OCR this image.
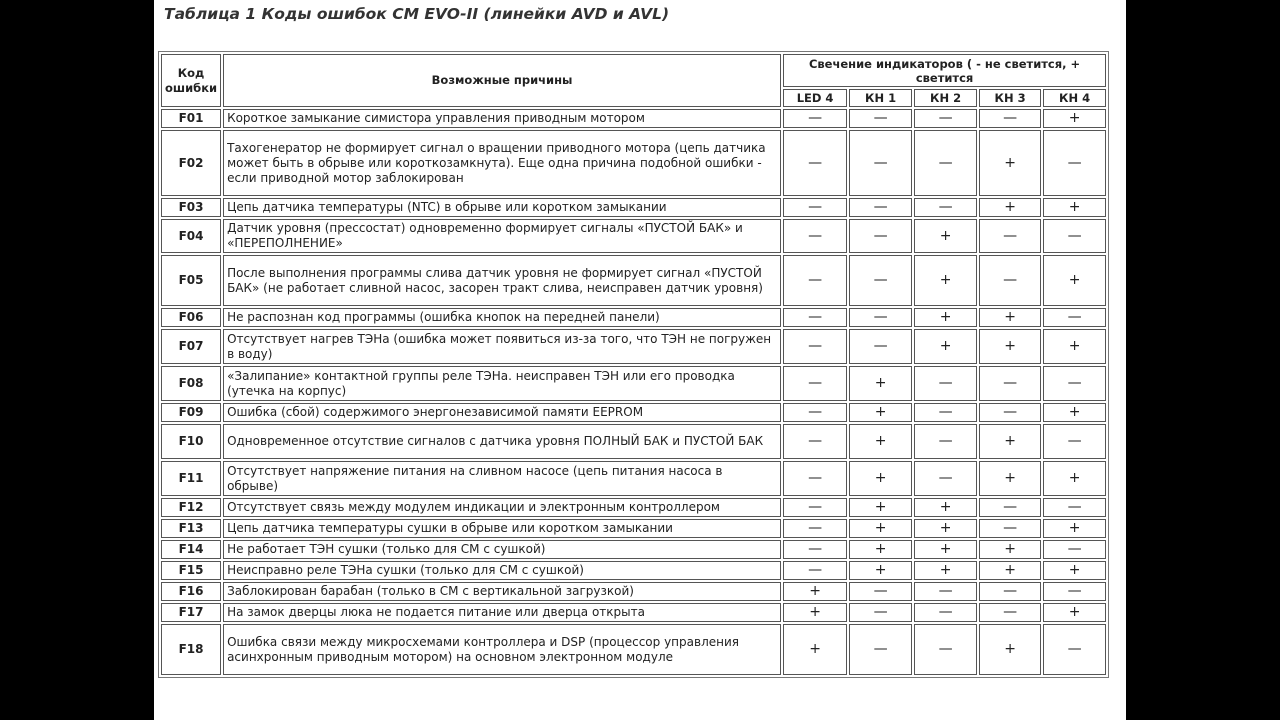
Таблица 1 Коды ошибок СМ EVO-II (линейки AVD и AVL)
Код ошибки	Возможные причины	Свечение индикаторов ( - не светится, + светится				
		LED 4	КН 1	КН 2	КН 3	КН 4
F01	Короткое замыкание симистора управления приводным мотором	—	—	—	—	+
F02	Тахогенератор не формирует сигнал о вращении приводного мотора (цепь датчика может быть в обрыве или короткозамкнута). Еще одна причина подобной ошибки - если приводной мотор заблокирован	—	—	—	+	—
F03	Цепь датчика температуры (NTC) в обрыве или коротком замыкании	—	—	—	+	+
F04	Датчик уровня (прессостат) одновременно формирует сигналы «ПУСТОЙ БАК» и «ПЕРЕПОЛНЕНИЕ»	—	—	+	—	—
F05	После выполнения программы слива датчик уровня не формирует сигнал «ПУСТОЙ БАК» (не работает сливной насос, засорен тракт слива, неисправен датчик уровня)	—	—	+	—	+
F06	Не распознан код программы (ошибка кнопок на передней панели)	—	—	+	+	—
F07	Отсутствует нагрев ТЭНа (ошибка может появиться из-за того, что ТЭН не погружен в воду)	—	—	+	+	+
F08	«Залипание» контактной группы реле ТЭНа. неисправен ТЭН или его проводка (утечка на корпус)	—	+	—	—	—
F09	Ошибка (сбой) содержимого энергонезависимой памяти EEPROM	—	+	—	—	+
F10	Одновременное отсутствие сигналов с датчика уровня ПОЛНЫЙ БАК и ПУСТОЙ БАК	—	+	—	+	—
F11	Отсутствует напряжение питания на сливном насосе (цепь питания насоса в обрыве)	—	+	—	+	+
F12	Отсутствует связь между модулем индикации и электронным контроллером	—	+	+	—	—
F13	Цепь датчика температуры сушки в обрыве или коротком замыкании	—	+	+	—	+
F14	Не работает ТЭН сушки (только для СМ с сушкой)	—	+	+	+	—
F15	Неисправно реле ТЭНа сушки (только для СМ с сушкой)	—	+	+	+	+
F16	Заблокирован барабан (только в СМ с вертикальной загрузкой)	+	—	—	—	—
F17	На замок дверцы люка не подается питание или дверца открыта	+	—	—	—	+
F18	Ошибка связи между микросхемами контроллера и DSP (процессор управления асинхронным приводным мотором) на основном электронном модуле	+	—	—	+	—
